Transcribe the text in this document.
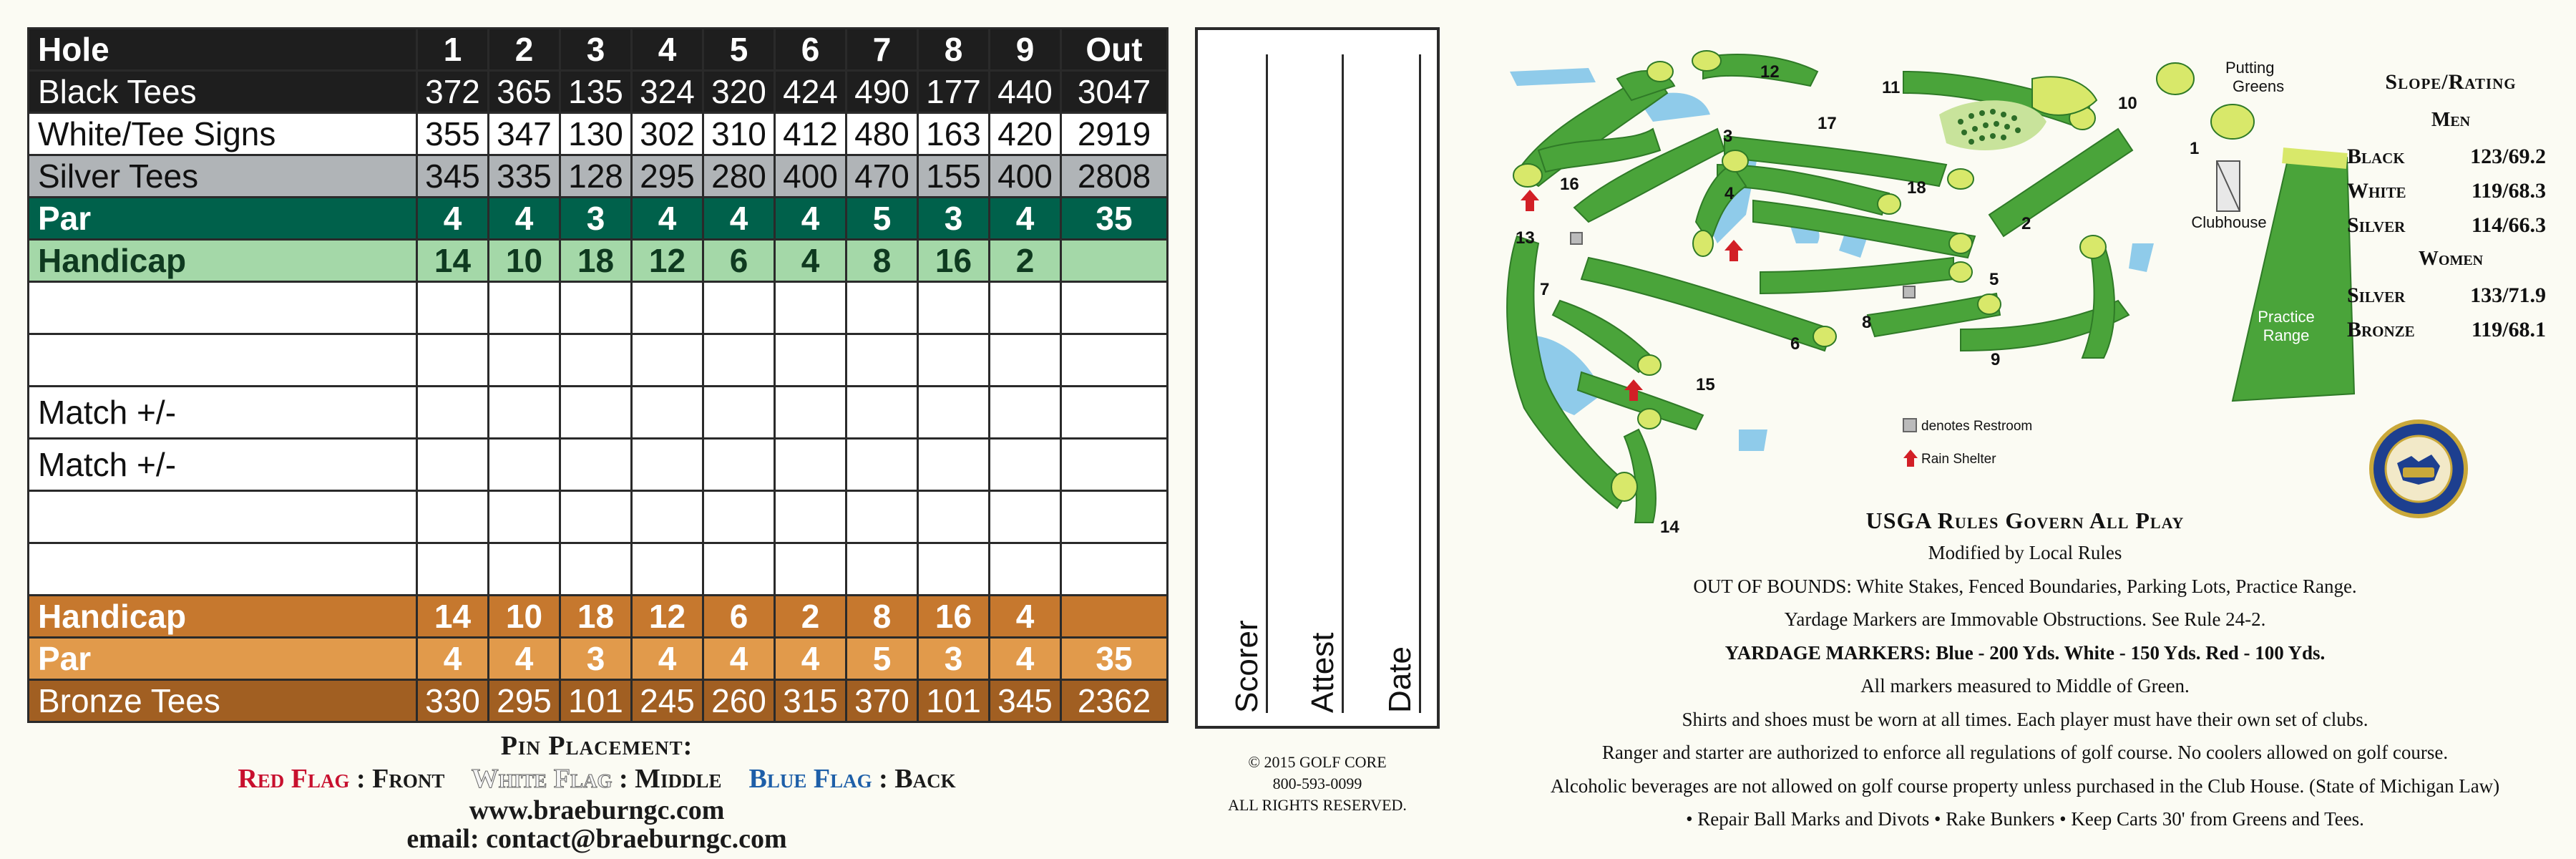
Hole	1	2	3	4	5	6	7	8	9	Out
Black Tees	372	365	135	324	320	424	490	177	440	3047
White/Tee Signs	355	347	130	302	310	412	480	163	420	2919
Silver Tees	345	335	128	295	280	400	470	155	400	2808
Par	4	4	3	4	4	4	5	3	4	35
Handicap	14	10	18	12	6	4	8	16	2	

Match +/-										
Match +/-										

Handicap	14	10	18	12	6	2	8	16	4	
Par	4	4	3	4	4	4	5	3	4	35
Bronze Tees	330	295	101	245	260	315	370	101	345	2362
Pin Placement:
Red Flag : Front White Flag : Middle Blue Flag : Back
www.braeburngc.com
email: contact@braeburngc.com
Scorer Attest Date
© 2015 GOLF CORE
800-593-0099
ALL RIGHTS RESERVED.
Practice
Range
Clubhouse
Putting
Greens
1
2
3
4
5
6
7
8
9
10
11
12
13
14
15
16
17
18
denotes Restroom
Rain Shelter
Slope/Rating
Men
Black	123/69.2
White	119/68.3
Silver	114/66.3
Women
Silver	133/71.9
Bronze	119/68.1
USGA Rules Govern All Play
Modified by Local Rules
OUT OF BOUNDS: White Stakes, Fenced Boundaries, Parking Lots, Practice Range.
Yardage Markers are Immovable Obstructions. See Rule 24-2.
YARDAGE MARKERS: Blue - 200 Yds. White - 150 Yds. Red - 100 Yds.
All markers measured to Middle of Green.
Shirts and shoes must be worn at all times. Each player must have their own set of clubs.
Ranger and starter are authorized to enforce all regulations of golf course. No coolers allowed on golf course.
Alcoholic beverages are not allowed on golf course property unless purchased in the Club House. (State of Michigan Law)
• Repair Ball Marks and Divots • Rake Bunkers • Keep Carts 30' from Greens and Tees.
